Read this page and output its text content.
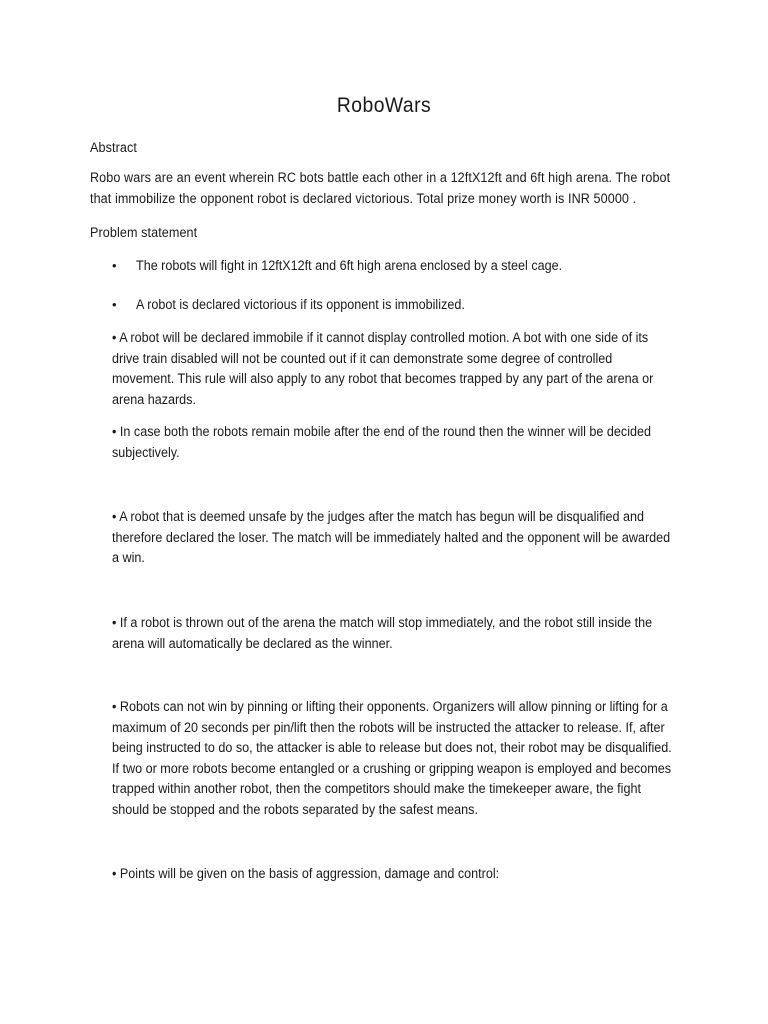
RoboWars
Abstract
Robo wars are an event wherein RC bots battle each other in a 12ftX12ft and 6ft high arena. The robot that immobilize the opponent robot is declared victorious. Total prize money worth is INR 50000 .
Problem statement
• The robots will fight in 12ftX12ft and 6ft high arena enclosed by a steel cage.
• A robot is declared victorious if its opponent is immobilized.
• A robot will be declared immobile if it cannot display controlled motion. A bot with one side of its drive train disabled will not be counted out if it can demonstrate some degree of controlled movement. This rule will also apply to any robot that becomes trapped by any part of the arena or arena hazards.
• In case both the robots remain mobile after the end of the round then the winner will be decided subjectively.
• A robot that is deemed unsafe by the judges after the match has begun will be disqualified and therefore declared the loser. The match will be immediately halted and the opponent will be awarded a win.
• If a robot is thrown out of the arena the match will stop immediately, and the robot still inside the arena will automatically be declared as the winner.
• Robots can not win by pinning or lifting their opponents. Organizers will allow pinning or lifting for a maximum of 20 seconds per pin/lift then the robots will be instructed the attacker to release. If, after being instructed to do so, the attacker is able to release but does not, their robot may be disqualified. If two or more robots become entangled or a crushing or gripping weapon is employed and becomes trapped within another robot, then the competitors should make the timekeeper aware, the fight should be stopped and the robots separated by the safest means.
• Points will be given on the basis of aggression, damage and control:
